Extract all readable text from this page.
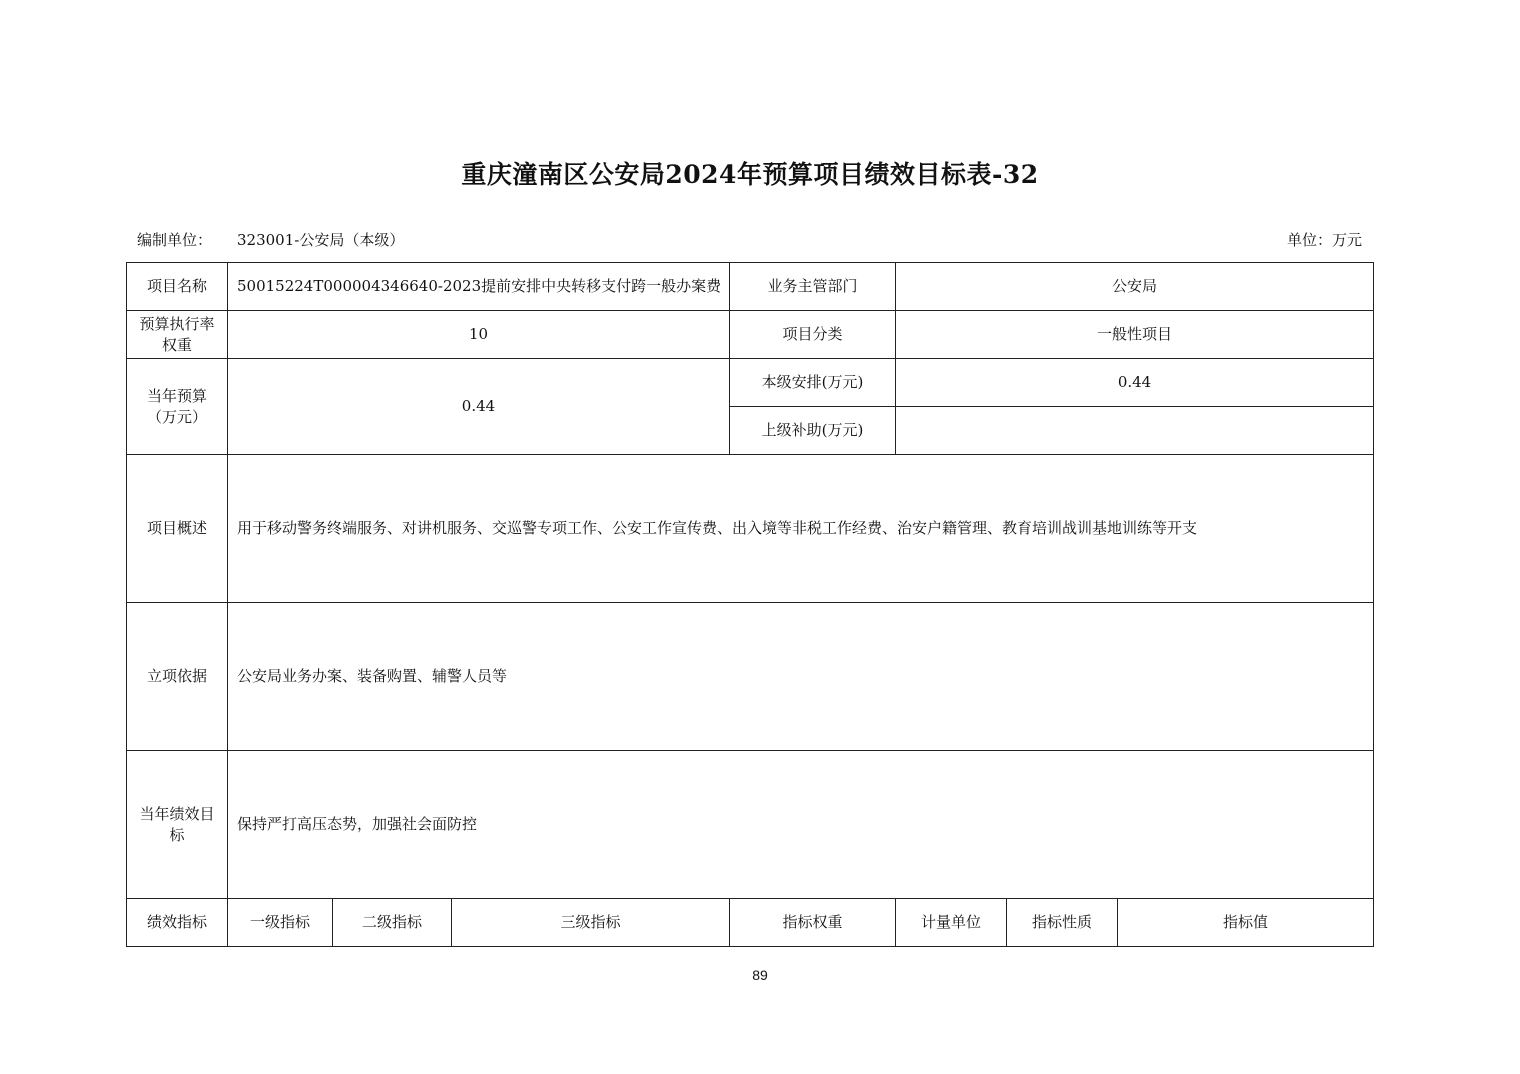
重庆潼南区公安局2024年预算项目绩效目标表-32
编制单位： 323001-公安局（本级）	单位：万元
项目名称	50015224T000004346640-2023提前安排中央转移支付跨一般办案费			业务主管部门	公安局		
预算执行率权重	10			项目分类	一般性项目		
当年预算（万元）	0.44			本级安排(万元)	0.44		
				上级补助(万元)			
项目概述	用于移动警务终端服务、对讲机服务、交巡警专项工作、公安工作宣传费、出入境等非税工作经费、治安户籍管理、教育培训战训基地训练等开支						
立项依据	公安局业务办案、装备购置、辅警人员等						
当年绩效目标	保持严打高压态势，加强社会面防控						
绩效指标	一级指标	二级指标	三级指标	指标权重	计量单位	指标性质	指标值
89
